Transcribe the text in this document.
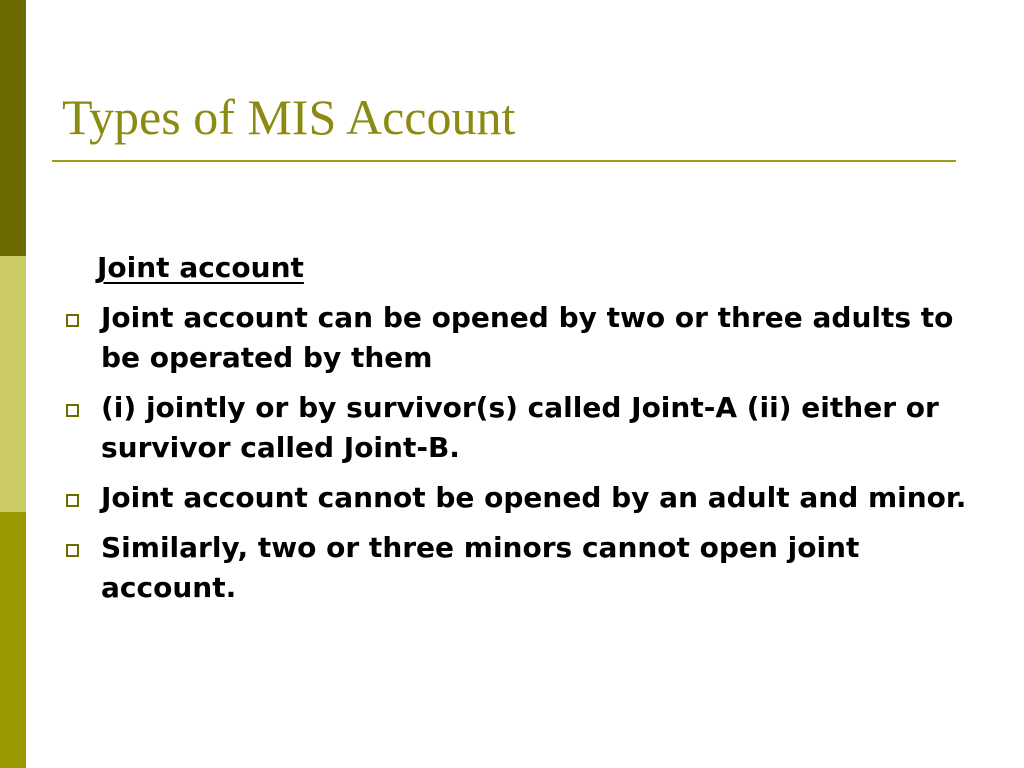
Types of MIS Account
Joint account
Joint account can be opened by two or three adults to be operated by them
(i) jointly or by survivor(s) called Joint-A (ii) either or survivor called Joint-B.
Joint account cannot be opened by an adult and minor.
Similarly, two or three minors cannot open joint account.
